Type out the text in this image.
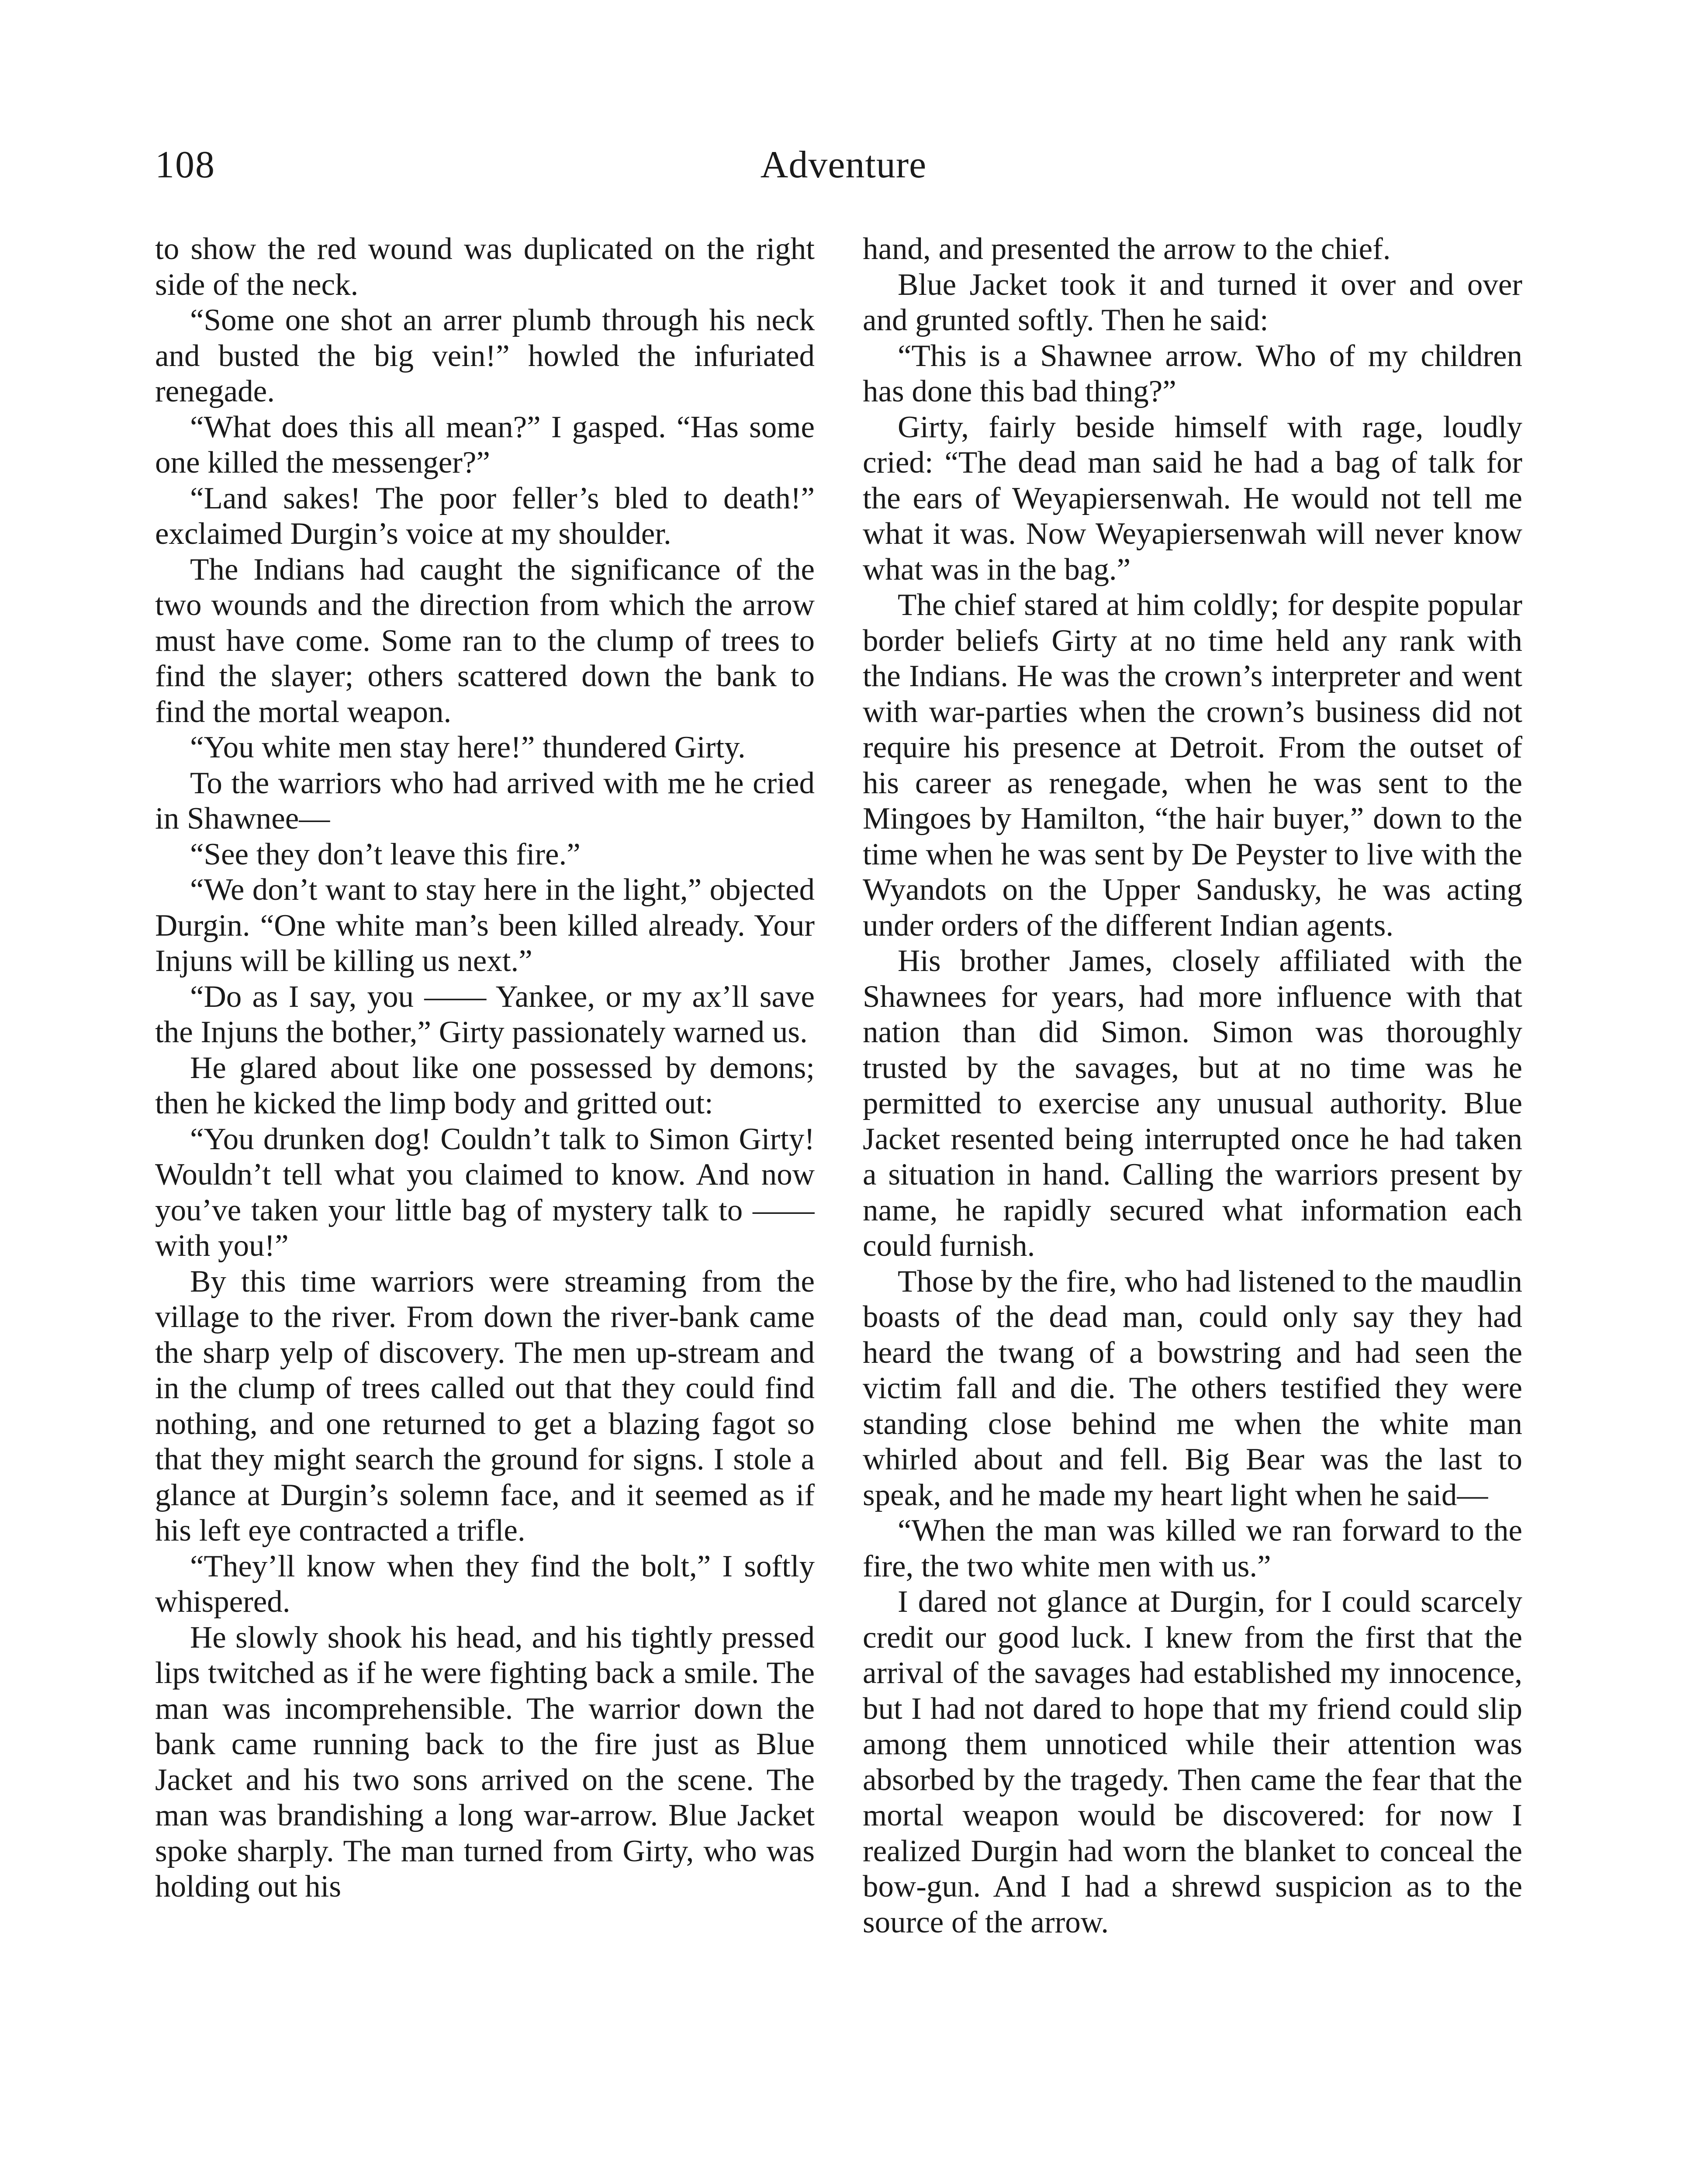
108	Adventure

to show the red wound was duplicated on the right side of the neck.

“Some one shot an arrer plumb through his neck and busted the big vein!” howled the infuriated renegade.

“What does this all mean?” I gasped. “Has some one killed the messenger?”

“Land sakes! The poor feller’s bled to death!” exclaimed Durgin’s voice at my shoulder.

The Indians had caught the significance of the two wounds and the direction from which the arrow must have come. Some ran to the clump of trees to find the slayer; others scattered down the bank to find the mortal weapon.

“You white men stay here!” thundered Girty.

To the warriors who had arrived with me he cried in Shawnee—

“See they don’t leave this fire.”

“We don’t want to stay here in the light,” objected Durgin. “One white man’s been killed already. Your Injuns will be killing us next.”

“Do as I say, you —— Yankee, or my ax’ll save the Injuns the bother,” Girty passionately warned us.

He glared about like one possessed by demons; then he kicked the limp body and gritted out:

“You drunken dog! Couldn’t talk to Simon Girty! Wouldn’t tell what you claimed to know. And now you’ve taken your little bag of mystery talk to —— with you!”

By this time warriors were streaming from the village to the river. From down the river-bank came the sharp yelp of discovery. The men up-stream and in the clump of trees called out that they could find nothing, and one returned to get a blazing fagot so that they might search the ground for signs. I stole a glance at Durgin’s solemn face, and it seemed as if his left eye contracted a trifle.

“They’ll know when they find the bolt,” I softly whispered.

He slowly shook his head, and his tightly pressed lips twitched as if he were fighting back a smile. The man was incomprehensible. The warrior down the bank came running back to the fire just as Blue Jacket and his two sons arrived on the scene. The man was brandishing a long war-arrow. Blue Jacket spoke sharply. The man turned from Girty, who was holding out his

hand, and presented the arrow to the chief.

Blue Jacket took it and turned it over and over and grunted softly. Then he said:

“This is a Shawnee arrow. Who of my children has done this bad thing?”

Girty, fairly beside himself with rage, loudly cried: “The dead man said he had a bag of talk for the ears of Weyapiersenwah. He would not tell me what it was. Now Weyapiersenwah will never know what was in the bag.”

The chief stared at him coldly; for despite popular border beliefs Girty at no time held any rank with the Indians. He was the crown’s interpreter and went with war-parties when the crown’s business did not require his presence at Detroit. From the outset of his career as renegade, when he was sent to the Mingoes by Hamilton, “the hair buyer,” down to the time when he was sent by De Peyster to live with the Wyandots on the Upper Sandusky, he was acting under orders of the different Indian agents.

His brother James, closely affiliated with the Shawnees for years, had more influence with that nation than did Simon. Simon was thoroughly trusted by the savages, but at no time was he permitted to exercise any unusual authority. Blue Jacket resented being interrupted once he had taken a situation in hand. Calling the warriors present by name, he rapidly secured what information each could furnish.

Those by the fire, who had listened to the maudlin boasts of the dead man, could only say they had heard the twang of a bowstring and had seen the victim fall and die. The others testified they were standing close behind me when the white man whirled about and fell. Big Bear was the last to speak, and he made my heart light when he said—

“When the man was killed we ran forward to the fire, the two white men with us.”

I dared not glance at Durgin, for I could scarcely credit our good luck. I knew from the first that the arrival of the savages had established my innocence, but I had not dared to hope that my friend could slip among them unnoticed while their attention was absorbed by the tragedy. Then came the fear that the mortal weapon would be discovered: for now I realized Durgin had worn the blanket to conceal the bow-gun. And I had a shrewd suspicion as to the source of the arrow.
